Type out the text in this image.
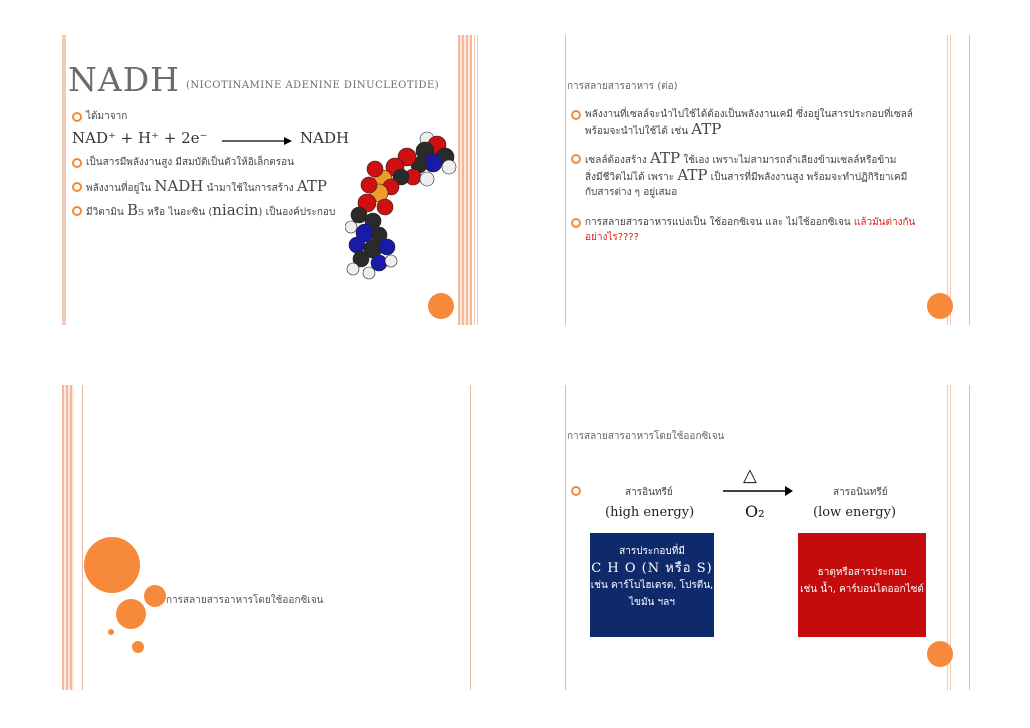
NADH (NICOTINAMINE ADENINE DINUCLEOTIDE)
ได้มาจาก
NAD⁺ + H⁺ + 2e⁻	NADH
เป็นสารมีพลังงานสูง มีสมบัติเป็นตัวให้อิเล็กตรอน
พลังงานที่อยู่ใน NADH นำมาใช้ในการสร้าง ATP
มีวิตามิน B₅ หรือ ไนอะซิน (niacin) เป็นองค์ประกอบ
การสลายสารอาหาร (ต่อ)
พลังงานที่เซลล์จะนำไปใช้ได้ต้องเป็นพลังงานเคมี ซึ่งอยู่ในสารประกอบที่เซลล์
พร้อมจะนำไปใช้ได้ เช่น ATP
เซลล์ต้องสร้าง ATP ใช้เอง เพราะไม่สามารถลำเลียงข้ามเซลล์หรือข้าม
สิ่งมีชีวิตไม่ได้ เพราะ ATP เป็นสารที่มีพลังงานสูง พร้อมจะทำปฏิกิริยาเคมี
กับสารต่าง ๆ อยู่เสมอ
การสลายสารอาหารแบ่งเป็น ใช้ออกซิเจน และ ไม่ใช้ออกซิเจน แล้วมันต่างกัน
อย่างไร????
การสลายสารอาหารโดยใช้ออกซิเจน
การสลายสารอาหารโดยใช้ออกซิเจน
สารอินทรีย์
(high energy)
△
O₂
สารอนินทรีย์
(low energy)
สารประกอบที่มี
C H O (N หรือ S)
เช่น คาร์โบไฮเดรต, โปรตีน,
ไขมัน ฯลฯ
ธาตุหรือสารประกอบ
เช่น น้ำ, คาร์บอนไดออกไซด์
